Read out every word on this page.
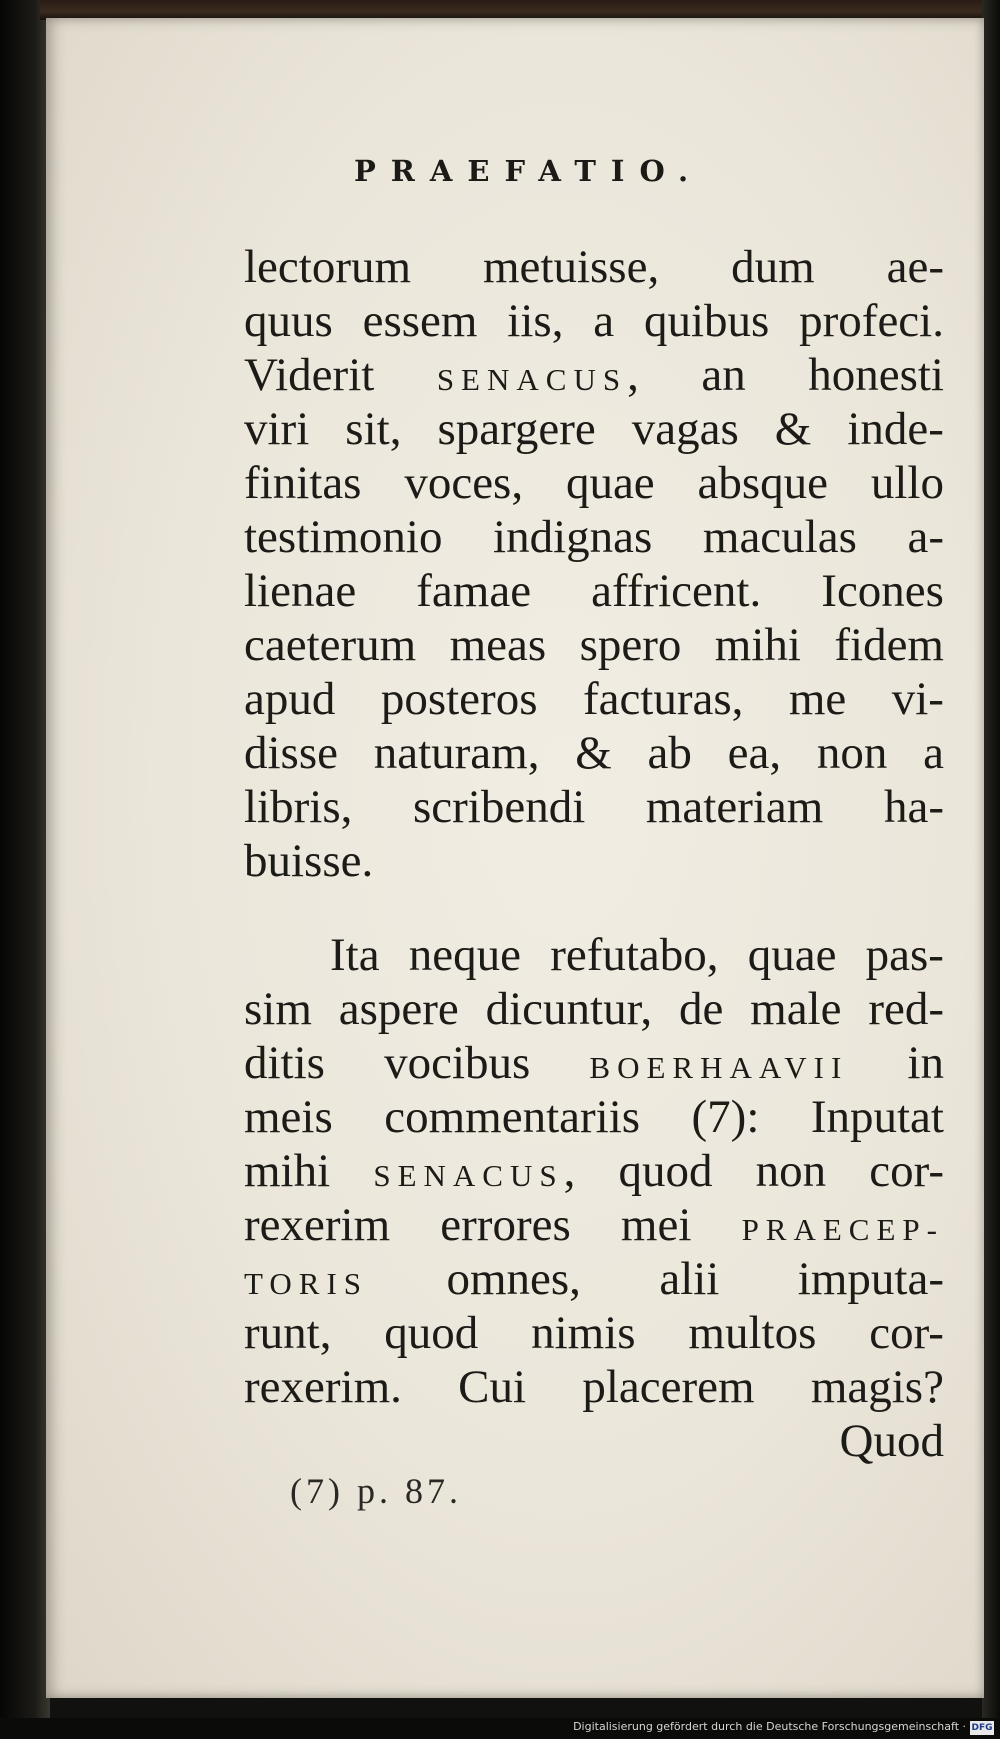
PRAEFATIO.
lectorum metuisse, dum ae-
quus essem iis, a quibus profeci.
Viderit SENACUS, an honesti
viri sit, spargere vagas & inde-
finitas voces, quae absque ullo
testimonio indignas maculas a-
lienae famae affricent. Icones
caeterum meas spero mihi fidem
apud posteros facturas, me vi-
disse naturam, & ab ea, non a
libris, scribendi materiam ha-
buisse.
Ita neque refutabo, quae pas-
sim aspere dicuntur, de male red-
ditis vocibus BOERHAAVII in
meis commentariis (7): Inputat
mihi SENACUS, quod non cor-
rexerim errores mei PRAECEP-
TORIS omnes, alii imputa-
runt, quod nimis multos cor-
rexerim. Cui placerem magis?
Quod
(7) p. 87.
Digitalisierung gefördert durch die Deutsche Forschungsgemeinschaft · DFG
